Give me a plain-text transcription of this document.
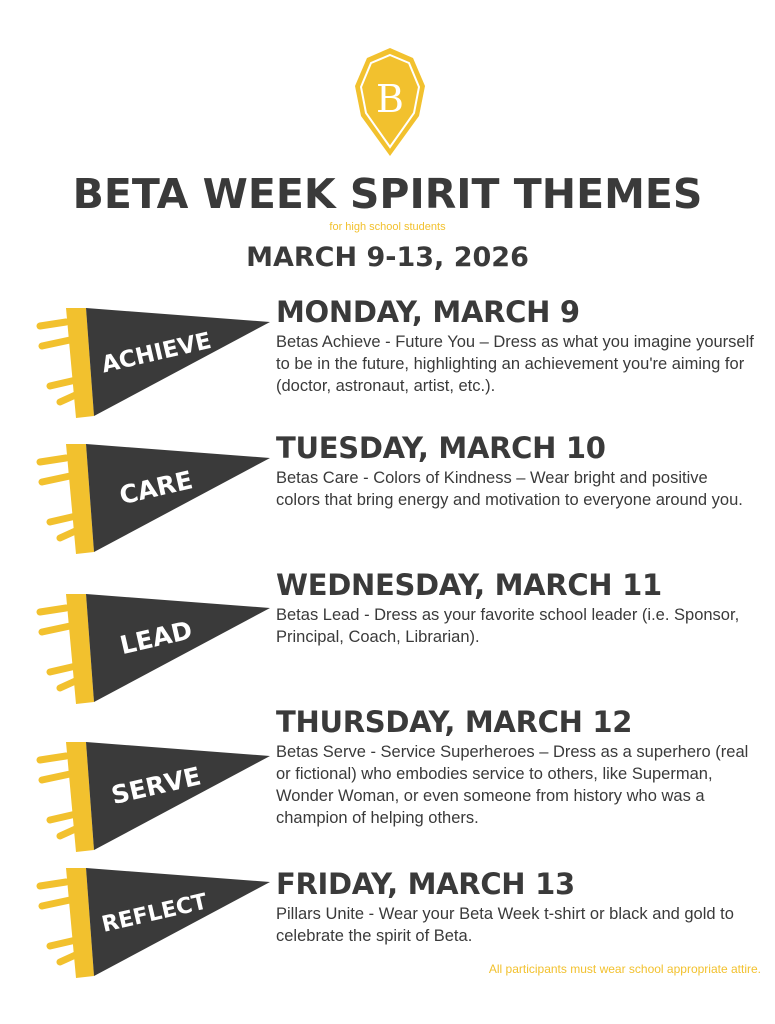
B
BETA WEEK SPIRIT THEMES
for high school students
MARCH 9-13, 2026
ACHIEVE
MONDAY, MARCH 9

Betas Achieve - Future You – Dress as what you imagine yourself to be in the future, highlighting an achievement you're aiming for (doctor, astronaut, artist, etc.).

CARE
TUESDAY, MARCH 10

Betas Care - Colors of Kindness – Wear bright and positive colors that bring energy and motivation to everyone around you.

LEAD
WEDNESDAY, MARCH 11

Betas Lead - Dress as your favorite school leader (i.e. Sponsor, Principal, Coach, Librarian).

SERVE
THURSDAY, MARCH 12

Betas Serve - Service Superheroes – Dress as a superhero (real or fictional) who embodies service to others, like Superman, Wonder Woman, or even someone from history who was a champion of helping others.

REFLECT
FRIDAY, MARCH 13

Pillars Unite - Wear your Beta Week t-shirt or black and gold to celebrate the spirit of Beta.

All participants must wear school appropriate attire.
